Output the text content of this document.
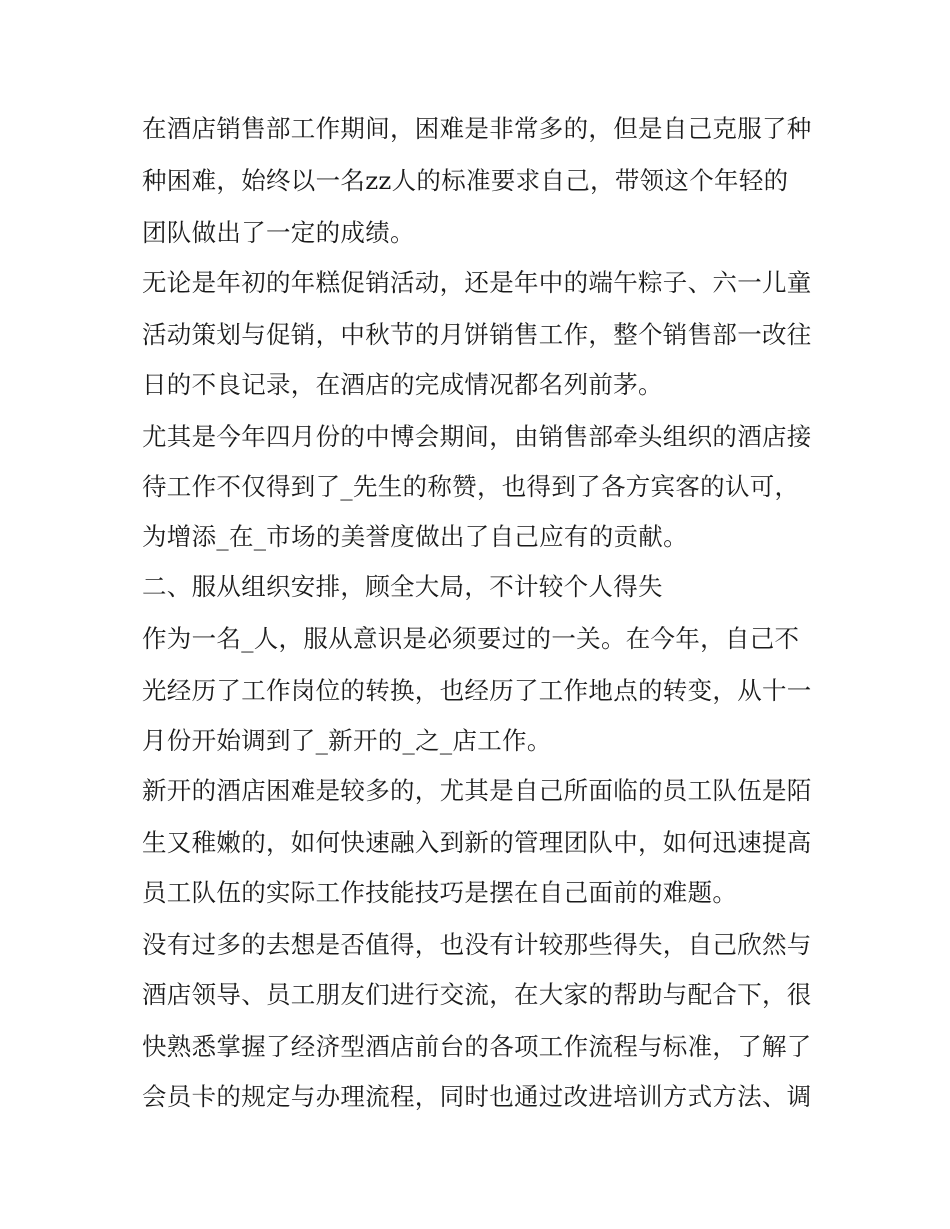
在酒店销售部工作期间，困难是非常多的，但是自己克服了种
种困难，始终以一名zz人的标准要求自己，带领这个年轻的
团队做出了一定的成绩。
无论是年初的年糕促销活动，还是年中的端午粽子、六一儿童
活动策划与促销，中秋节的月饼销售工作，整个销售部一改往
日的不良记录，在酒店的完成情况都名列前茅。
尤其是今年四月份的中博会期间，由销售部牵头组织的酒店接
待工作不仅得到了_先生的称赞，也得到了各方宾客的认可，
为增添_在_市场的美誉度做出了自己应有的贡献。
二、服从组织安排，顾全大局，不计较个人得失
作为一名_人，服从意识是必须要过的一关。在今年，自己不
光经历了工作岗位的转换，也经历了工作地点的转变，从十一
月份开始调到了_新开的_之_店工作。
新开的酒店困难是较多的，尤其是自己所面临的员工队伍是陌
生又稚嫩的，如何快速融入到新的管理团队中，如何迅速提高
员工队伍的实际工作技能技巧是摆在自己面前的难题。
没有过多的去想是否值得，也没有计较那些得失，自己欣然与
酒店领导、员工朋友们进行交流，在大家的帮助与配合下，很
快熟悉掌握了经济型酒店前台的各项工作流程与标准，了解了
会员卡的规定与办理流程，同时也通过改进培训方式方法、调
